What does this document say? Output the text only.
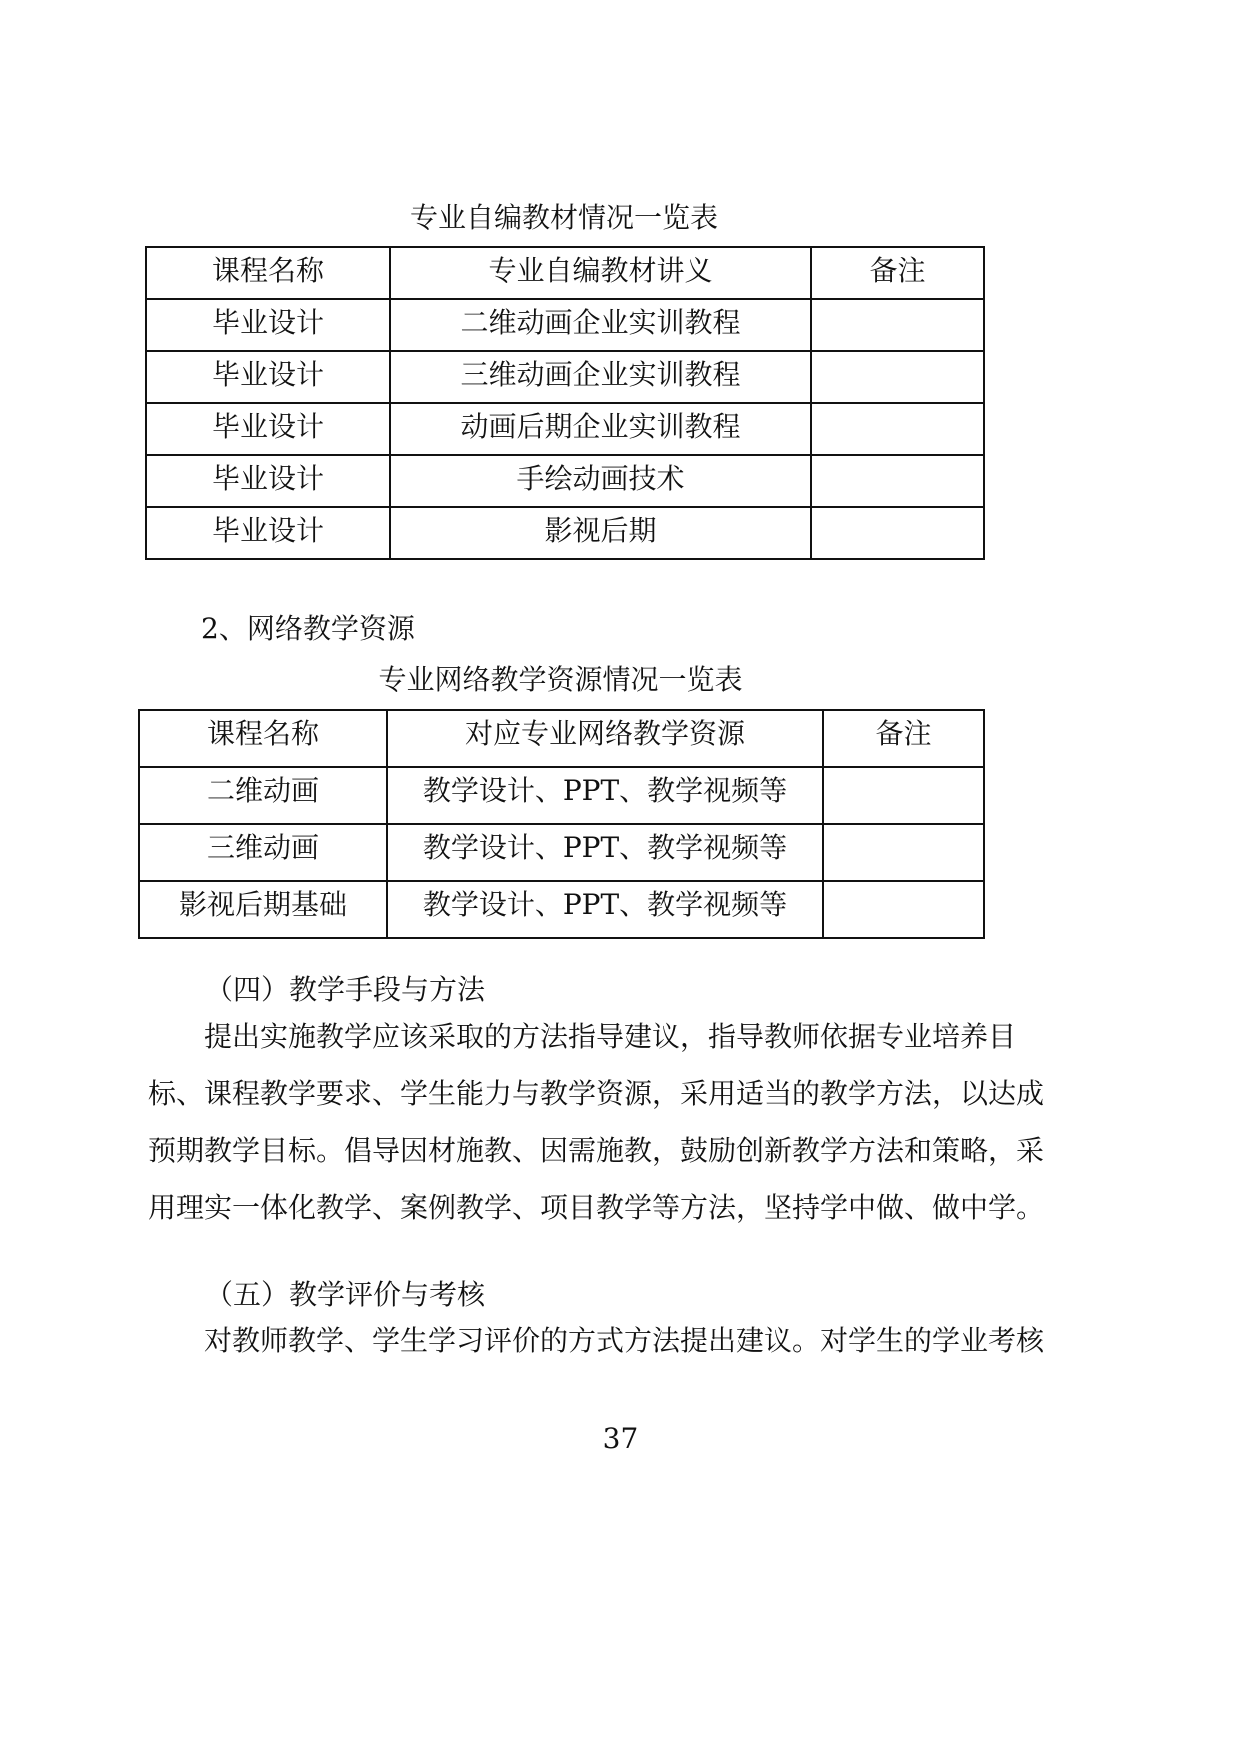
专业自编教材情况一览表
课程名称	专业自编教材讲义	备注
毕业设计	二维动画企业实训教程	
毕业设计	三维动画企业实训教程	
毕业设计	动画后期企业实训教程	
毕业设计	手绘动画技术	
毕业设计	影视后期	
2、网络教学资源
专业网络教学资源情况一览表
课程名称	对应专业网络教学资源	备注
二维动画	教学设计、PPT、教学视频等	
三维动画	教学设计、PPT、教学视频等	
影视后期基础	教学设计、PPT、教学视频等	
（四）教学手段与方法
提出实施教学应该采取的方法指导建议，指导教师依据专业培养目
标、课程教学要求、学生能力与教学资源，采用适当的教学方法，以达成
预期教学目标。倡导因材施教、因需施教，鼓励创新教学方法和策略，采
用理实一体化教学、案例教学、项目教学等方法，坚持学中做、做中学。
（五）教学评价与考核
对教师教学、学生学习评价的方式方法提出建议。对学生的学业考核
37
